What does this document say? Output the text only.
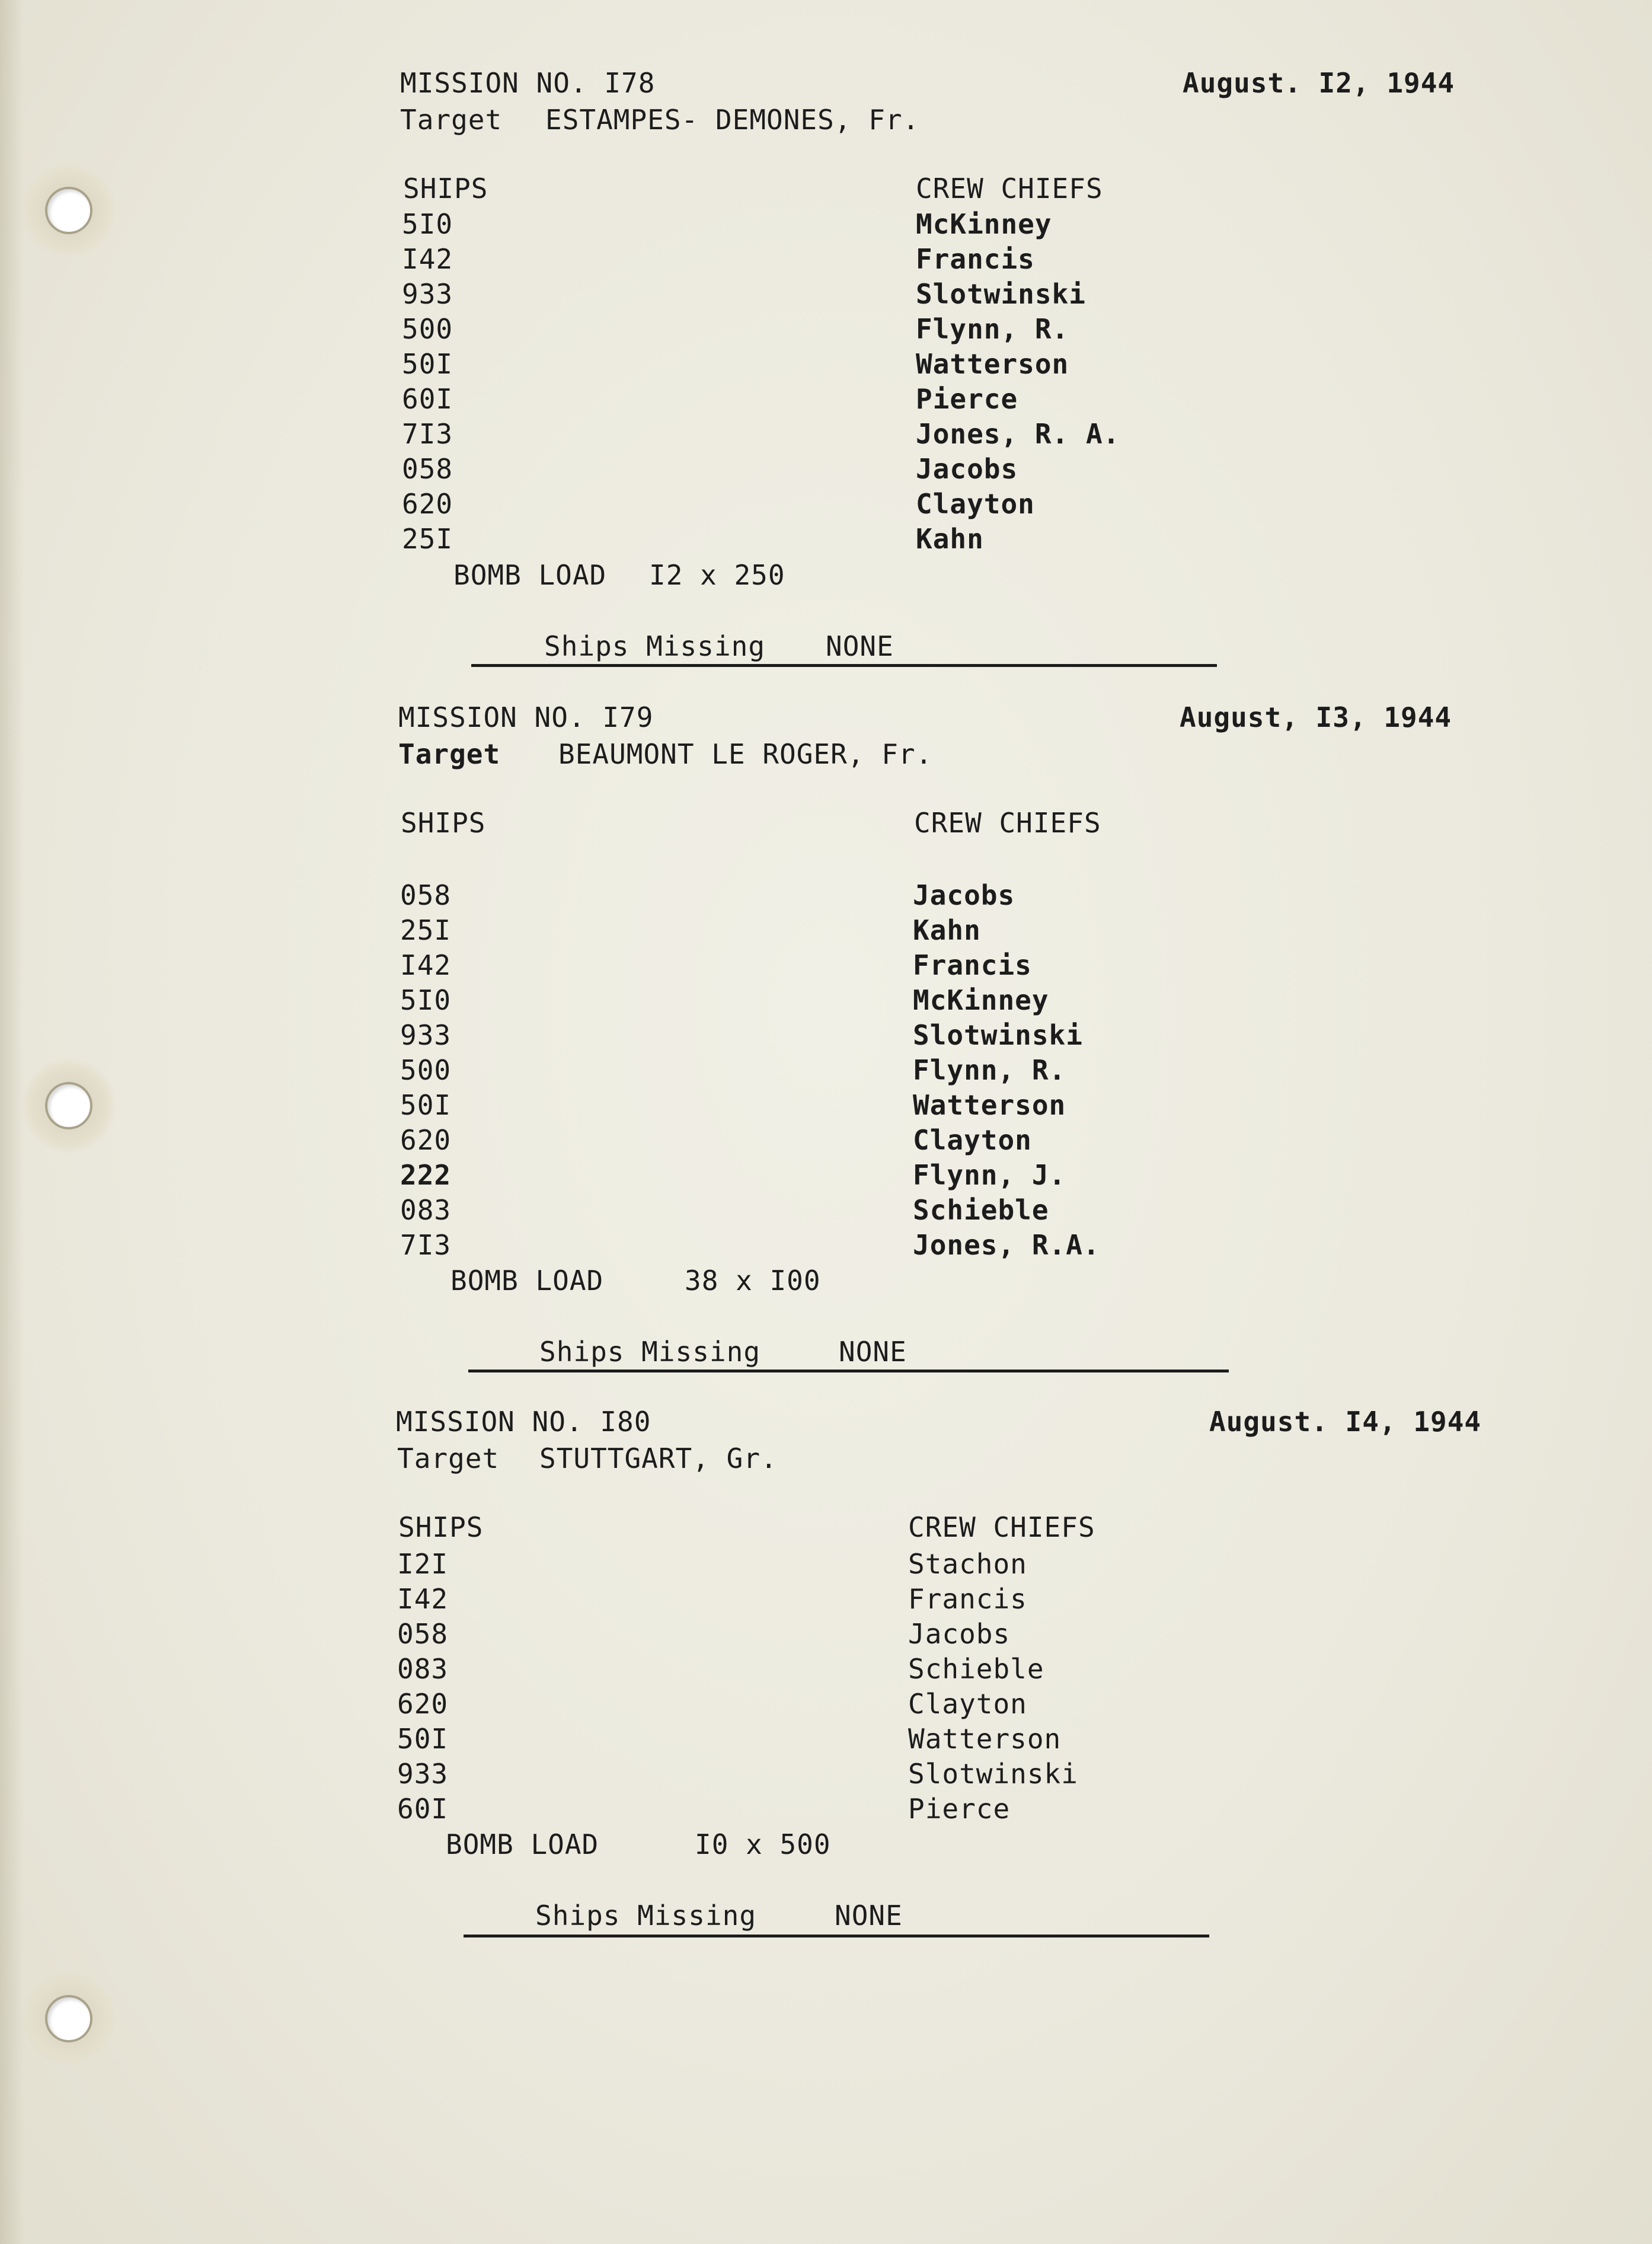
MISSION NO. I78	August. I2, 1944
Target ESTAMPES- DEMONES, Fr.
SHIPS	CREW CHIEFS
5I0	McKinney
I42	Francis
933	Slotwinski
500	Flynn, R.
50I	Watterson
60I	Pierce
7I3	Jones, R. A.
058	Jacobs
620	Clayton
25I	Kahn
BOMB LOAD I2 x 250
Ships Missing NONE
MISSION NO. I79	August, I3, 1944
Target BEAUMONT LE ROGER, Fr.
SHIPS	CREW CHIEFS
058	Jacobs
25I	Kahn
I42	Francis
5I0	McKinney
933	Slotwinski
500	Flynn, R.
50I	Watterson
620	Clayton
222	Flynn, J.
083	Schieble
7I3	Jones, R.A.
BOMB LOAD	38 x I00
Ships Missing	NONE
MISSION NO. I80	August. I4, 1944
Target STUTTGART, Gr.
SHIPS	CREW CHIEFS
I2I	Stachon
I42	Francis
058	Jacobs
083	Schieble
620	Clayton
50I	Watterson
933	Slotwinski
60I	Pierce
BOMB LOAD	I0 x 500
Ships Missing	NONE
